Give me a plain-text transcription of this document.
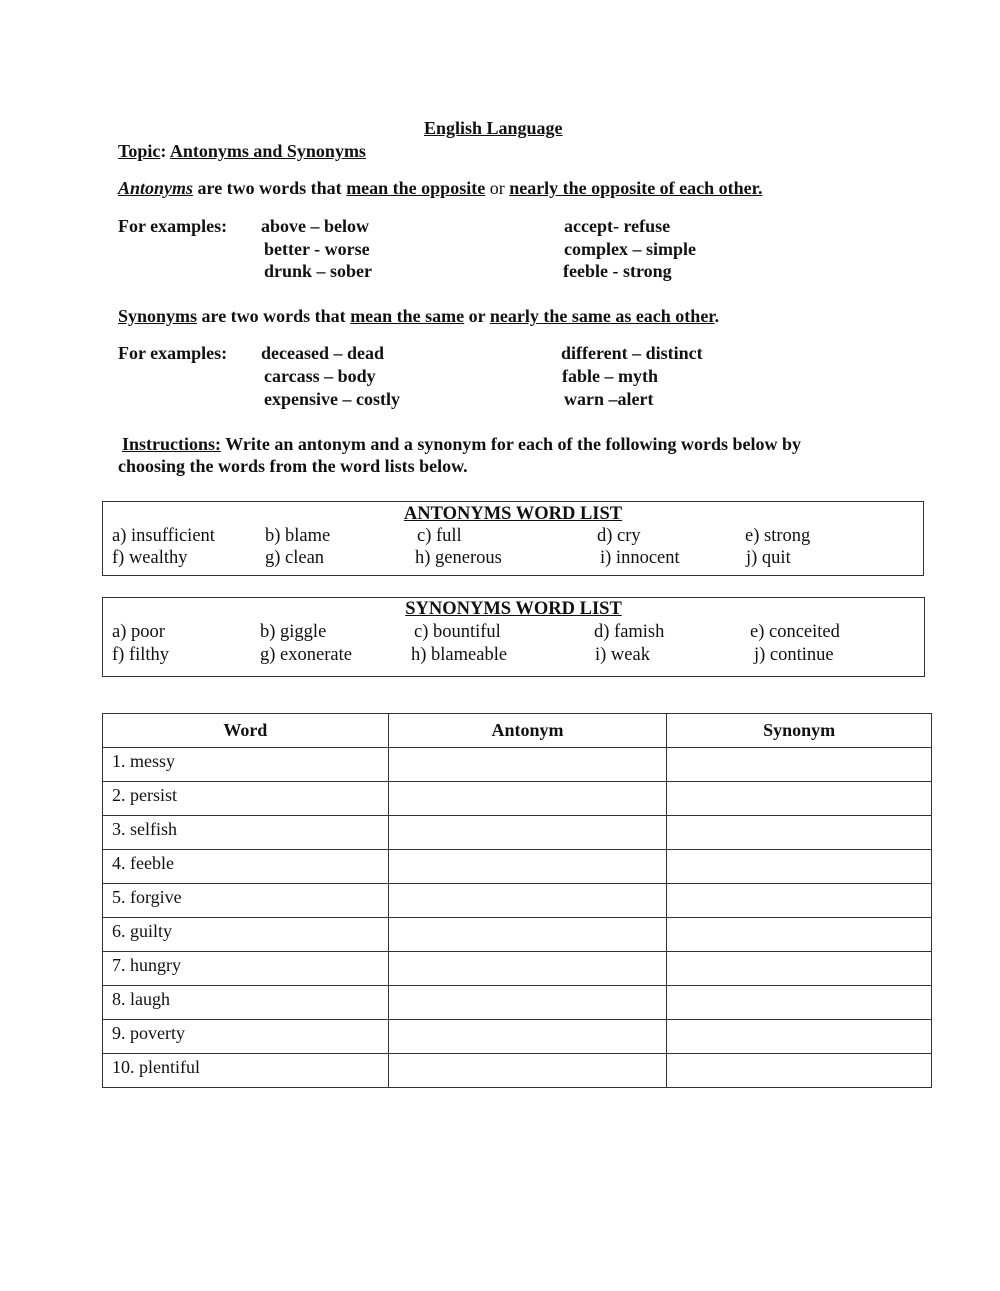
English Language
Topic: Antonyms and Synonyms
Antonyms are two words that mean the opposite or nearly the opposite of each other.
For examples: above – below
better - worse
drunk – sober
accept- refuse
complex – simple
feeble - strong
Synonyms are two words that mean the same or nearly the same as each other.
For examples: deceased – dead
carcass – body
expensive – costly
different – distinct
fable – myth
warn –alert
Instructions: Write an antonym and a synonym for each of the following words below by
choosing the words from the word lists below.
ANTONYMS WORD LIST
a) insufficient	b) blame	c) full	d) cry	e) strong
f) wealthy	g) clean	h) generous	i) innocent	j) quit
SYNONYMS WORD LIST
a) poor	b) giggle	c) bountiful	d) famish	e) conceited
f) filthy	g) exonerate	h) blameable	i) weak	j) continue
Word	Antonym	Synonym
1. messy		
2. persist		
3. selfish		
4. feeble		
5. forgive		
6. guilty		
7. hungry		
8. laugh		
9. poverty		
10. plentiful		
